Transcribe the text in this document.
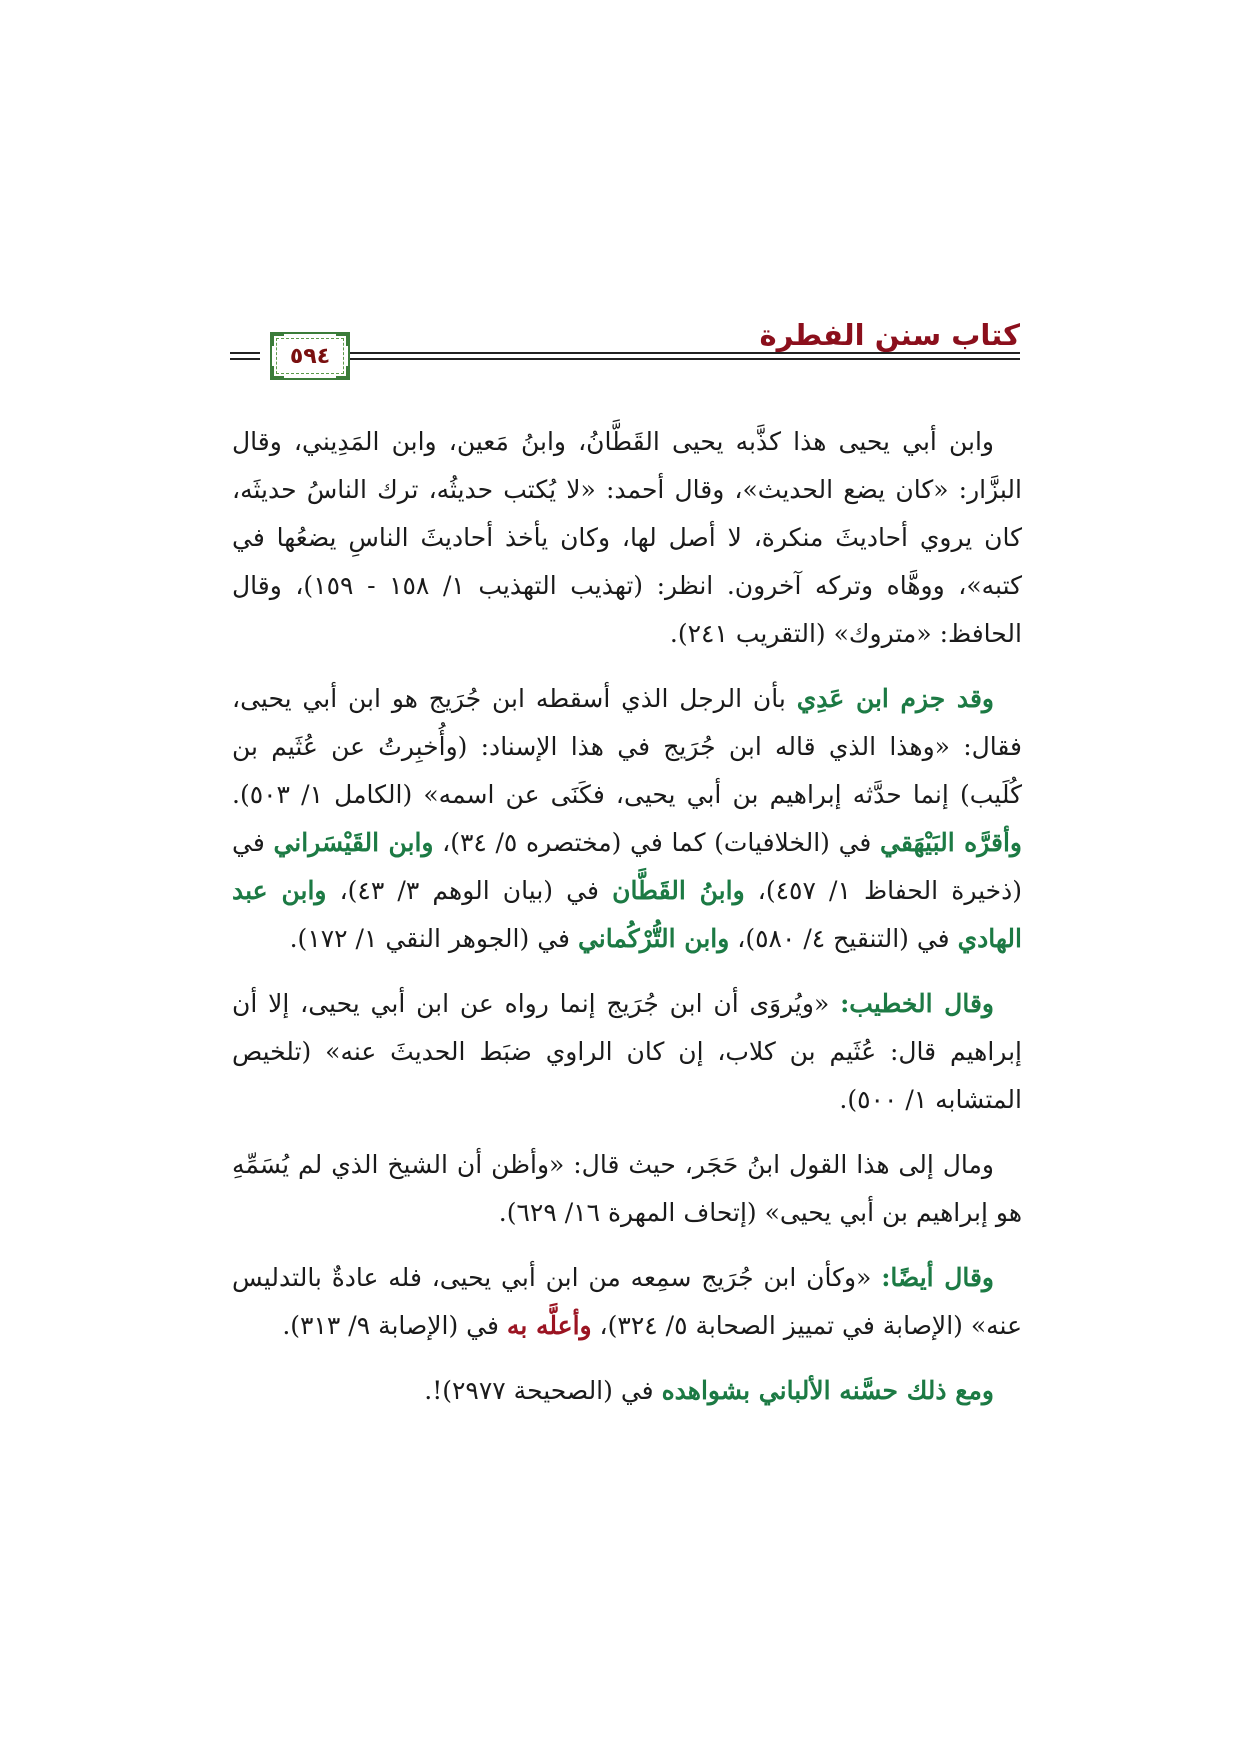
كتاب سنن الفطرة
٥٩٤

وابن أبي يحيى هذا كذَّبه يحيى القَطَّانُ، وابنُ مَعين، وابن المَدِيني، وقال البزَّار: «كان يضع الحديث»، وقال أحمد: «لا يُكتب حديثُه، ترك الناسُ حديثَه، كان يروي أحاديثَ منكرة، لا أصل لها، وكان يأخذ أحاديثَ الناسِ يضعُها في كتبه»، ووهَّاه وتركه آخرون. انظر: (تهذيب التهذيب ١/ ١٥٨ - ١٥٩)، وقال الحافظ: «متروك» (التقريب ٢٤١).

وقد جزم ابن عَدِي بأن الرجل الذي أسقطه ابن جُرَيج هو ابن أبي يحيى، فقال: «وهذا الذي قاله ابن جُرَيج في هذا الإسناد: (وأُخبِرتُ عن عُثَيم بن كُلَيب) إنما حدَّثه إبراهيم بن أبي يحيى، فكَنَى عن اسمه» (الكامل ١/ ٥٠٣). وأقرَّه البَيْهَقي في (الخلافيات) كما في (مختصره ٥/ ٣٤)، وابن القَيْسَراني في (ذخيرة الحفاظ ١/ ٤٥٧)، وابنُ القَطَّان في (بيان الوهم ٣/ ٤٣)، وابن عبد الهادي في (التنقيح ٤/ ٥٨٠)، وابن التُّرْكُماني في (الجوهر النقي ١/ ١٧٢).

وقال الخطيب: «ويُروَى أن ابن جُرَيج إنما رواه عن ابن أبي يحيى، إلا أن إبراهيم قال: عُثَيم بن كلاب، إن كان الراوي ضبَط الحديثَ عنه» (تلخيص المتشابه ١/ ٥٠٠).

ومال إلى هذا القول ابنُ حَجَر، حيث قال: «وأظن أن الشيخ الذي لم يُسَمِّهِ هو إبراهيم بن أبي يحيى» (إتحاف المهرة ١٦/ ٦٢٩).

وقال أيضًا: «وكأن ابن جُرَيج سمِعه من ابن أبي يحيى، فله عادةٌ بالتدليس عنه» (الإصابة في تمييز الصحابة ٥/ ٣٢٤)، وأعلَّه به في (الإصابة ٩/ ٣١٣).

ومع ذلك حسَّنه الألباني بشواهده في (الصحيحة ٢٩٧٧)!.
